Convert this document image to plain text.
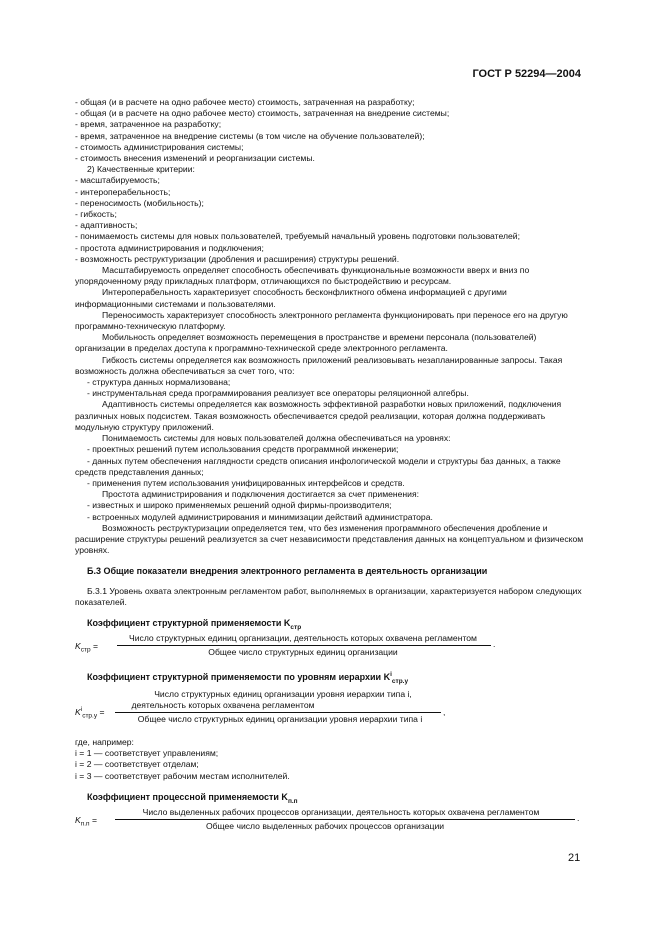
ГОСТ Р 52294—2004

- общая (и в расчете на одно рабочее место) стоимость, затраченная на разработку;

- общая (и в расчете на одно рабочее место) стоимость, затраченная на внедрение системы;

- время, затраченное на разработку;

- время, затраченное на внедрение системы (в том числе на обучение пользователей);

- стоимость администрирования системы;

- стоимость внесения изменений и реорганизации системы.

2) Качественные критерии:

- масштабируемость;

- интероперабельность;

- переносимость (мобильность);

- гибкость;

- адаптивность;

- понимаемость системы для новых пользователей, требуемый начальный уровень подготовки пользователей;

- простота администрирования и подключения;

- возможность реструктуризации (дробления и расширения) структуры решений.

Масштабируемость определяет способность обеспечивать функциональные возможности вверх и вниз по упорядоченному ряду прикладных платформ, отличающихся по быстродействию и ресурсам.

Интероперабельность характеризует способность бесконфликтного обмена информацией с другими информационными системами и пользователями.

Переносимость характеризует способность электронного регламента функционировать при переносе его на другую программно-техническую платформу.

Мобильность определяет возможность перемещения в пространстве и времени персонала (пользователей) организации в пределах доступа к программно-технической среде электронного регламента.

Гибкость системы определяется как возможность приложений реализовывать незапланированные запросы. Такая возможность должна обеспечиваться за счет того, что:

- структура данных нормализована;

- инструментальная среда программирования реализует все операторы реляционной алгебры.

Адаптивность системы определяется как возможность эффективной разработки новых приложений, подключения различных новых подсистем. Такая возможность обеспечивается средой реализации, которая должна поддерживать модульную структуру приложений.

Понимаемость системы для новых пользователей должна обеспечиваться на уровнях:

- проектных решений путем использования средств программной инженерии;

- данных путем обеспечения наглядности средств описания инфологической модели и структуры баз данных, а также средств представления данных;

- применения путем использования унифицированных интерфейсов и средств.

Простота администрирования и подключения достигается за счет применения:

- известных и широко применяемых решений одной фирмы-производителя;

- встроенных модулей администрирования и минимизации действий администратора.

Возможность реструктуризации определяется тем, что без изменения программного обеспечения дробление и расширение структуры решений реализуется за счет независимости представления данных на концептуальном и физическом уровнях.

Б.3 Общие показатели внедрения электронного регламента в деятельность организации

Б.3.1 Уровень охвата электронным регламентом работ, выполняемых в организации, характеризуется набором следующих показателей.

Коэффициент структурной применяемости $K_{стр}$

$K_{стр}$ =
Число структурных единиц организации, деятельность которых охвачена регламентом
Общее число структурных единиц организации
.

Коэффициент структурной применяемости по уровням иерархии $K^i_{стр.у}$

$K^i_{стр.у}$ =
Число структурных единиц организации уровня иерархии типа i,
деятельность которых охвачена регламентом
Общее число структурных единиц организации уровня иерархии типа i
,

где, например:

i = 1 — соответствует управлениям;

i = 2 — соответствует отделам;

i = 3 — соответствует рабочим местам исполнителей.

Коэффициент процессной применяемости $K_{п.п}$

$K_{п.п}$ =
Число выделенных рабочих процессов организации, деятельность которых охвачена регламентом
Общее число выделенных рабочих процессов организации
.
21
